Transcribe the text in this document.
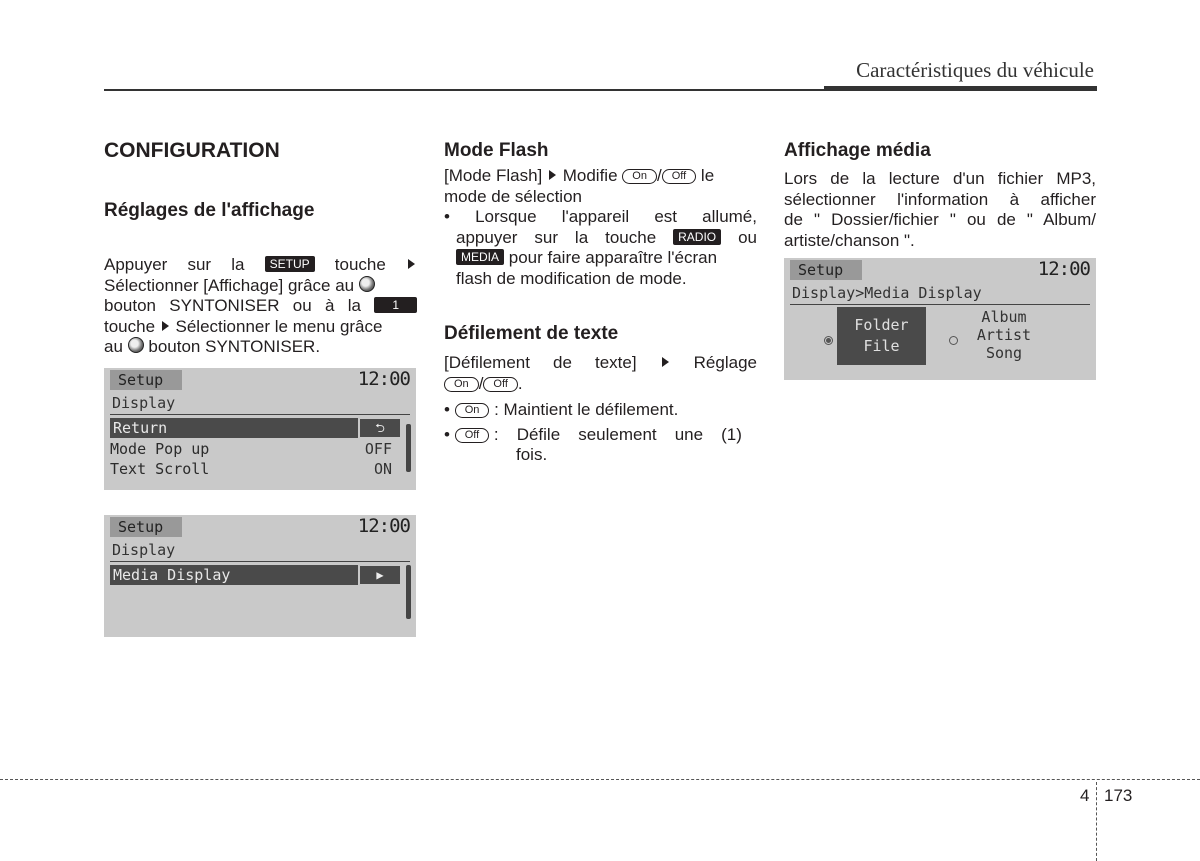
Caractéristiques du véhicule
CONFIGURATION
Réglages de l'affichage
Appuyer sur la SETUP touche
Sélectionner [Affichage] grâce au
bouton SYNTONISER ou à la	1
touche Sélectionner le menu grâce
au bouton SYNTONISER.
Setup	12:00
Display
Return	⮌
Mode Pop up	OFF
Text Scroll	ON
Setup	12:00
Display
Media Display	▶
Mode Flash
[Mode Flash] Modifie On / Off le
mode de sélection
• Lorsque l'appareil est allumé,
appuyer sur la touche RADIO ou
MEDIA pour faire apparaître l'écran
flash de modification de mode.
Défilement de texte
[Défilement de texte]	Réglage
On / Off .
• On : Maintient le défilement.
• Off : Défile seulement une (1)
fois.
Affichage média
Lors de la lecture d'un fichier MP3,
sélectionner l'information à afficher
de " Dossier/fichier " ou de " Album/
artiste/chanson ".
Setup	12:00
Display>Media Display
Folder
File
Album
Artist
Song
4 173
